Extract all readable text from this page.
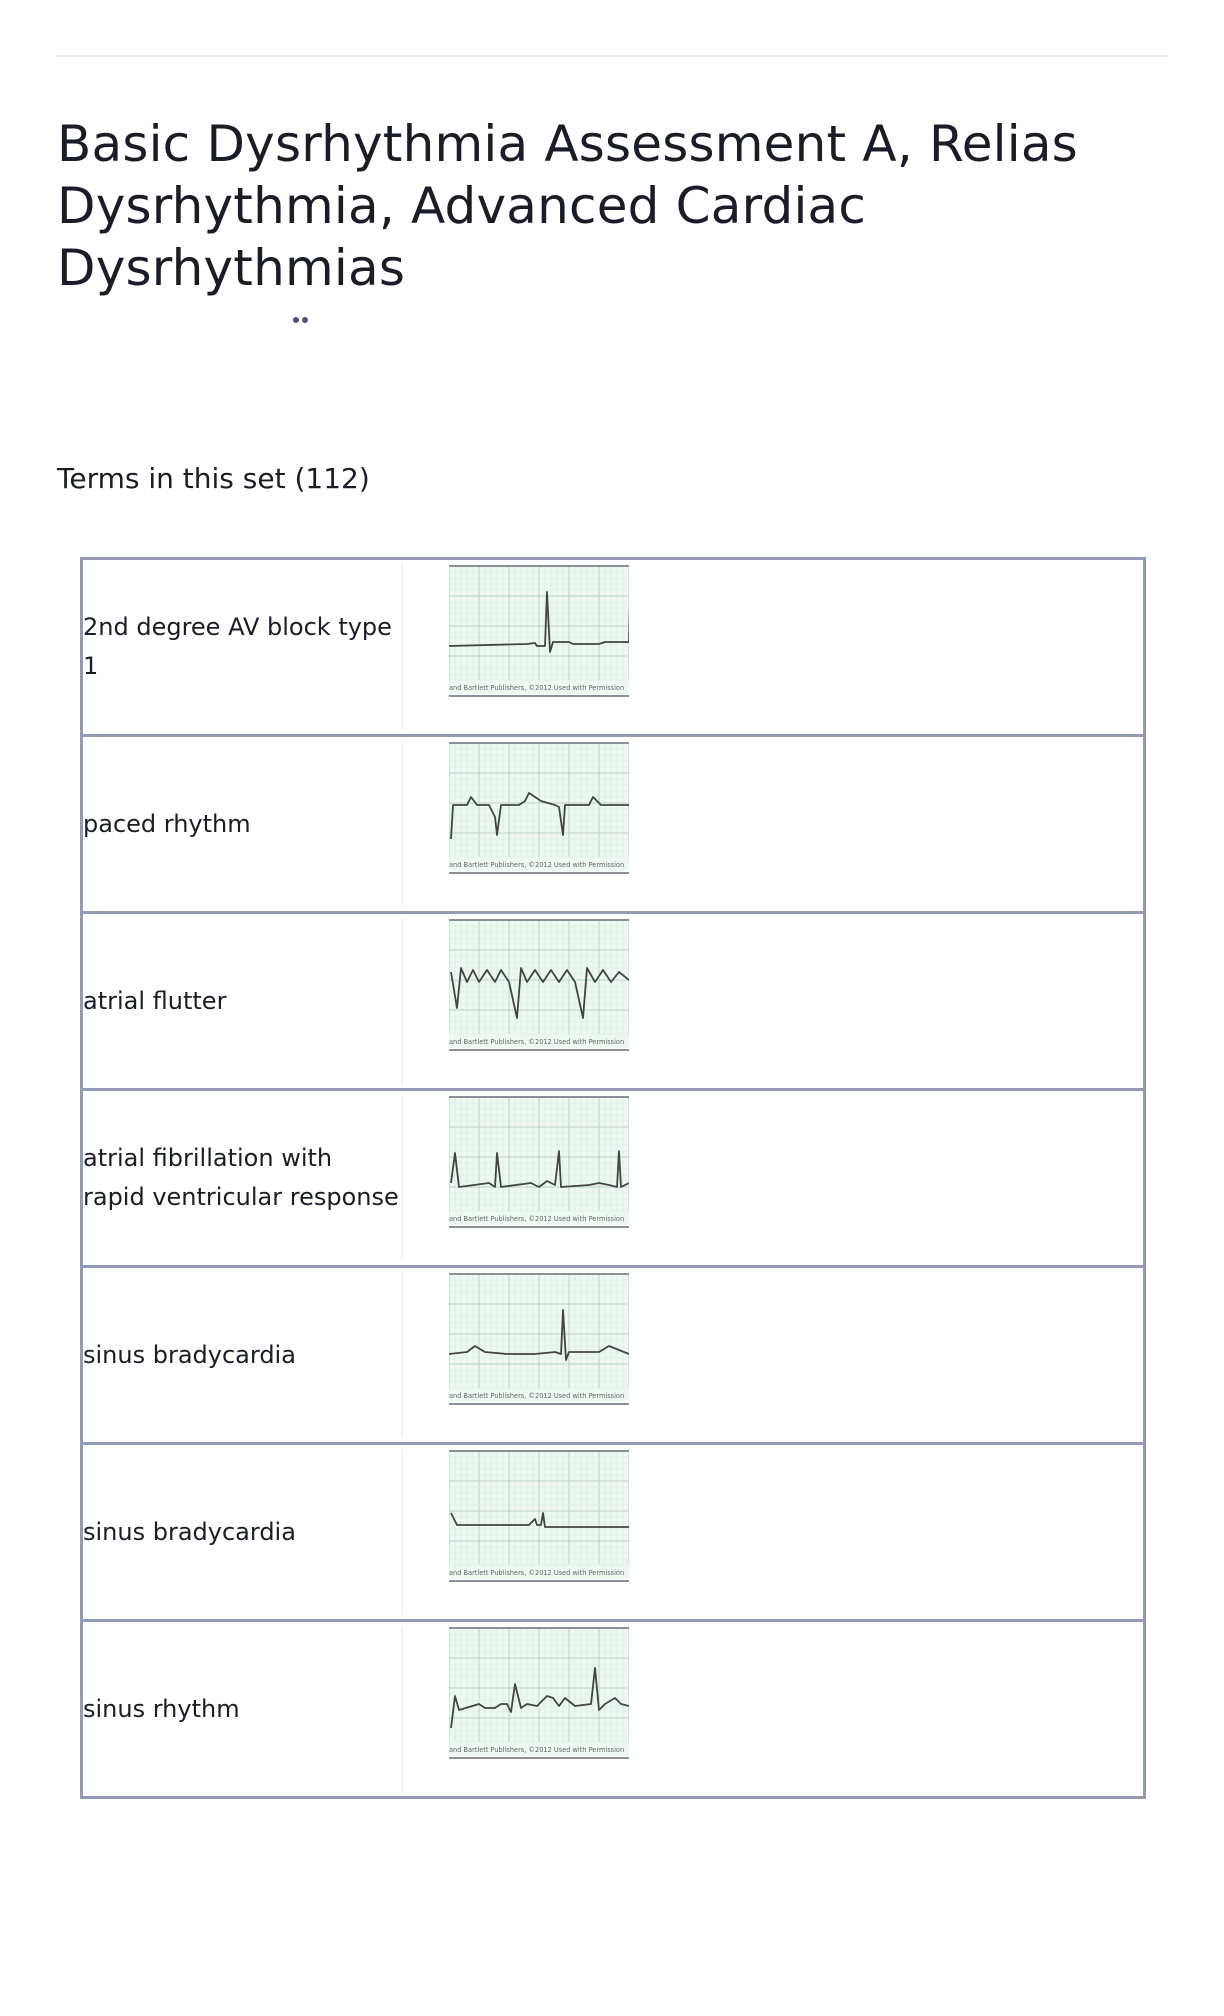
Basic Dysrhythmia Assessment A, Relias Dysrhythmia, Advanced Cardiac Dysrhythmias
Terms in this set (112)
2nd degree AV block type 1
and Bartlett Publishers, ©2012 Used with Permission
paced rhythm
and Bartlett Publishers, ©2012 Used with Permission
atrial flutter
and Bartlett Publishers, ©2012 Used with Permission
atrial fibrillation with rapid ventricular response
and Bartlett Publishers, ©2012 Used with Permission
sinus bradycardia
and Bartlett Publishers, ©2012 Used with Permission
sinus bradycardia
and Bartlett Publishers, ©2012 Used with Permission
sinus rhythm
and Bartlett Publishers, ©2012 Used with Permission
